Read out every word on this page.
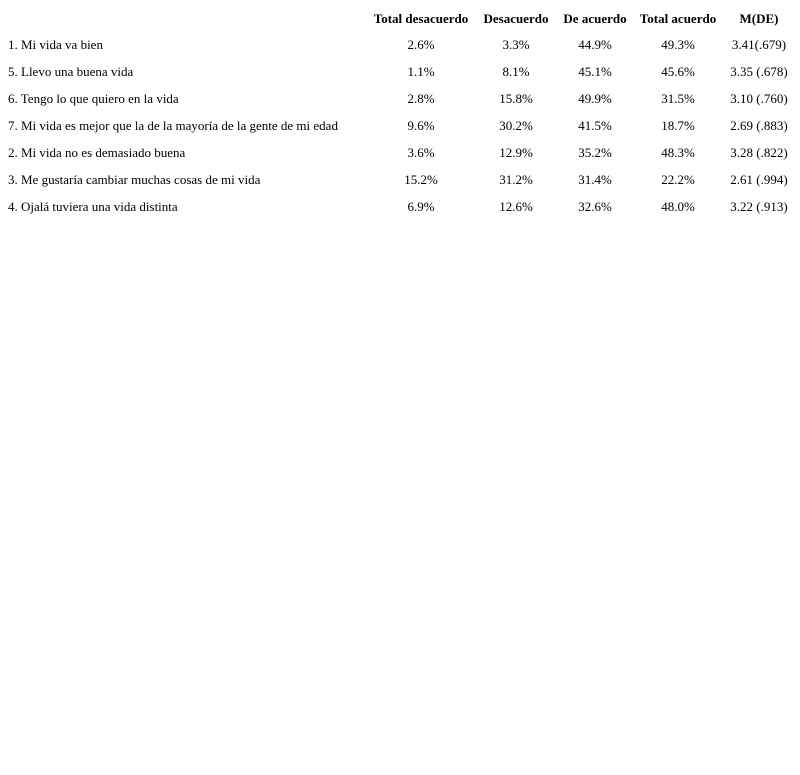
	Total desacuerdo	Desacuerdo	De acuerdo	Total acuerdo	M(DE)
1. Mi vida va bien	2.6%	3.3%	44.9%	49.3%	3.41(.679)
5. Llevo una buena vida	1.1%	8.1%	45.1%	45.6%	3.35 (.678)
6. Tengo lo que quiero en la vida	2.8%	15.8%	49.9%	31.5%	3.10 (.760)
7. Mi vida es mejor que la de la mayoría de la gente de mi edad	9.6%	30.2%	41.5%	18.7%	2.69 (.883)
2. Mi vida no es demasiado buena	3.6%	12.9%	35.2%	48.3%	3.28 (.822)
3. Me gustaría cambiar muchas cosas de mi vida	15.2%	31.2%	31.4%	22.2%	2.61 (.994)
4. Ojalá tuviera una vida distinta	6.9%	12.6%	32.6%	48.0%	3.22 (.913)
